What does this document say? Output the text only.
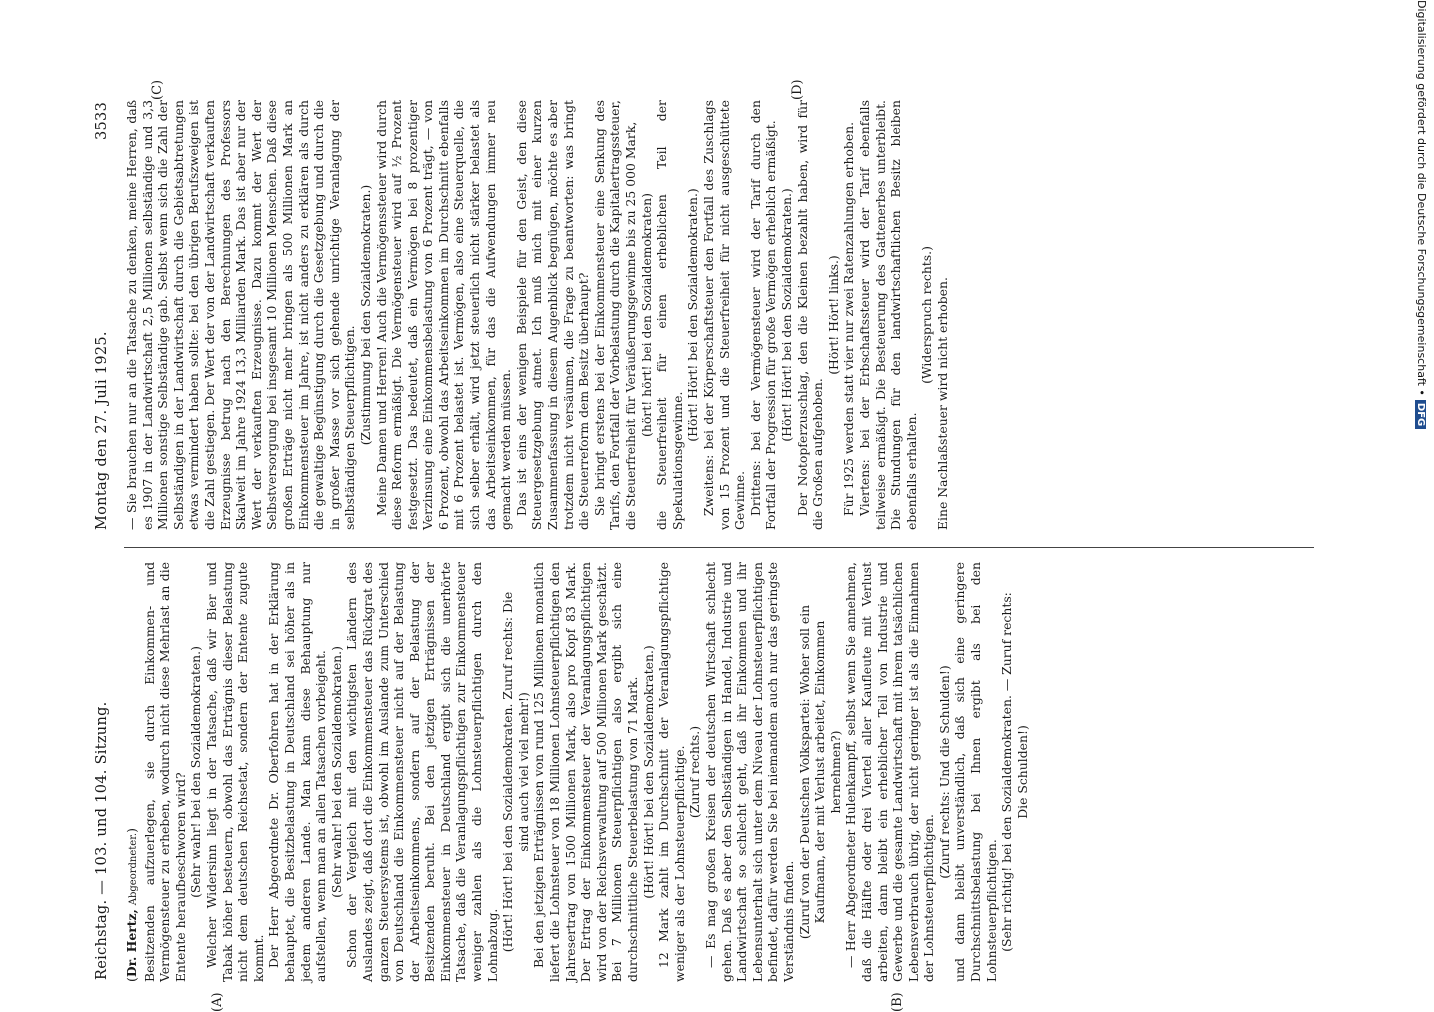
Reichstag. — 103. und 104. Sitzung.
Montag den 27. Juli 1925.
3533
(A)	(B)
(C)	(D)

(Dr. Hertz, Abgeordneter.) Besitzenden aufzuerlegen, sie durch Einkommen- und Vermögensteuer zu erheben, wodurch nicht diese Mehrlast an die Entente heraufbeschworen wird? (Sehr wahr! bei den Sozialdemokraten.) Welcher Widersinn liegt in der Tatsache, daß wir Bier und Tabak höher besteuern, obwohl das Erträgnis dieser Belastung nicht dem deutschen Reichsetat, sondern der Entente zugute kommt. Der Herr Abgeordnete Dr. Oberfohren hat in der Erklärung behauptet, die Besitzbelastung in Deutschland sei höher als in jedem anderen Lande. Man kann diese Behauptung nur aufstellen, wenn man an allen Tatsachen vorbeigeht. (Sehr wahr! bei den Sozialdemokraten.) Schon der Vergleich mit den wichtigsten Ländern des Auslandes zeigt, daß dort die Einkommensteuer das Rückgrat des ganzen Steuersystems ist, obwohl im Auslande zum Unterschied von Deutschland die Einkommensteuer nicht auf der Belastung der Arbeitseinkommens, sondern auf der Belastung der Besitzenden beruht. Bei den jetzigen Erträgnissen der Einkommensteuer in Deutschland ergibt sich die unerhörte Tatsache, daß die Veranlagungspflichtigen zur Einkommensteuer weniger zahlen als die Lohnsteuerpflichtigen durch den Lohnabzug. (Hört! Hört! bei den Sozialdemokraten. Zuruf rechts: Die sind auch viel viel mehr!) Bei den jetzigen Erträgnissen von rund 125 Millionen monatlich liefert die Lohnsteuer von 18 Millionen Lohnsteuerpflichtigen den Jahresertrag von 1500 Millionen Mark, also pro Kopf 83 Mark. Der Ertrag der Einkommensteuer der Veranlagungspflichtigen wird von der Reichsverwaltung auf 500 Millionen Mark geschätzt. Bei 7 Millionen Steuerpflichtigen also ergibt sich eine durchschnittliche Steuerbelastung von 71 Mark. (Hört! Hört! bei den Sozialdemokraten.) 12 Mark zahlt im Durchschnitt der Veranlagungspflichtige weniger als der Lohnsteuerpflichtige. (Zuruf rechts.) — Es mag großen Kreisen der deutschen Wirtschaft schlecht gehen. Daß es aber den Selbständigen in Handel, Industrie und Landwirtschaft so schlecht geht, daß ihr Einkommen und ihr Lebensunterhalt sich unter dem Niveau der Lohnsteuerpflichtigen befindet, dafür werden Sie bei niemandem auch nur das geringste Verständnis finden. (Zuruf von der Deutschen Volkspartei: Woher soll ein Kaufmann, der mit Verlust arbeitet, Einkommen hernehmen?) — Herr Abgeordneter Hulenkampff, selbst wenn Sie annehmen, daß die Hälfte oder drei Viertel aller Kaufleute mit Verlust arbeiten, dann bleibt ein erheblicher Teil von Industrie und Gewerbe und die gesamte Landwirtschaft mit ihrem tatsächlichen Lebensverbrauch übrig, der nicht geringer ist als die Einnahmen der Lohnsteuerpflichtigen.

(Zuruf rechts: Und die Schulden!) und dann bleibt unverständlich, daß sich eine geringere Durchschnittsbelastung bei Ihnen ergibt als bei den Lohnsteuerpflichtigen. (Sehr richtig! bei den Sozialdemokraten. — Zuruf rechts: Die Schulden!)

— Sie brauchen nur an die Tatsache zu denken, meine Herren, daß es 1907 in der Landwirtschaft 2,5 Millionen selbständige und 3,3 Millionen sonstige Selbständige gab. Selbst wenn sich die Zahl der Selbständigen in der Landwirtschaft durch die Gebietsabtretungen etwas vermindert haben sollte: bei den übrigen Berufszweigen ist die Zahl gestiegen. Der Wert der von der Landwirtschaft verkauften Erzeugnisse betrug nach den Berechnungen des Professors Skalweit im Jahre 1924 13,3 Milliarden Mark. Das ist aber nur der Wert der verkauften Erzeugnisse. Dazu kommt der Wert der Selbstversorgung bei insgesamt 10 Millionen Menschen. Daß diese großen Erträge nicht mehr bringen als 500 Millionen Mark an Einkommensteuer im Jahre, ist nicht anders zu erklären als durch die gewaltige Begünstigung durch die Gesetzgebung und durch die in großer Masse vor sich gehende unrichtige Veranlagung der selbständigen Steuerpflichtigen. (Zustimmung bei den Sozialdemokraten.) Meine Damen und Herren! Auch die Vermögenssteuer wird durch diese Reform ermäßigt. Die Vermögensteuer wird auf ½ Prozent festgesetzt. Das bedeutet, daß ein Vermögen bei 8 prozentiger Verzinsung eine Einkommensbelastung von 6 Prozent trägt, — von 6 Prozent, obwohl das Arbeitseinkommen im Durchschnitt ebenfalls mit 6 Prozent belastet ist. Vermögen, also eine Steuerquelle, die sich selber erhält, wird jetzt steuerlich nicht stärker belastet als das Arbeitseinkommen, für das die Aufwendungen immer neu gemacht werden müssen. Das ist eins der wenigen Beispiele für den Geist, den diese Steuergesetzgebung atmet. Ich muß mich mit einer kurzen Zusammenfassung in diesem Augenblick begnügen, möchte es aber trotzdem nicht versäumen, die Frage zu beantworten: was bringt die Steuerreform dem Besitz überhaupt? Sie bringt erstens bei der Einkommensteuer eine Senkung des Tarifs, den Fortfall der Vorbelastung durch die Kapitalertragssteuer, die Steuerfreiheit für Veräußerungsgewinne bis zu 25 000 Mark, (hört! hört! bei den Sozialdemokraten) die Steuerfreiheit für einen erheblichen Teil der Spekulationsgewinne.

(Hört! Hört! bei den Sozialdemokraten.) Zweitens: bei der Körperschaftsteuer den Fortfall des Zuschlags von 15 Prozent und die Steuerfreiheit für nicht ausgeschüttete Gewinne. Drittens: bei der Vermögensteuer wird der Tarif durch den Fortfall der Progression für große Vermögen erheblich ermäßigt. (Hört! Hört! bei den Sozialdemokraten.) Der Notopferzuschlag, den die Kleinen bezahlt haben, wird für die Großen aufgehoben.

(Hört! Hört! links.) Für 1925 werden statt vier nur zwei Ratenzahlungen erhoben. Viertens: bei der Erbschaftssteuer wird der Tarif ebenfalls teilweise ermäßigt. Die Besteuerung des Gattenerbes unterbleibt. Die Stundungen für den landwirtschaftlichen Besitz bleiben ebenfalls erhalten.

(Widerspruch rechts.) Eine Nachlaßsteuer wird nicht erhoben.

Digitalisierung gefördert durch die Deutsche Forschungsgemeinschaft •DFG
